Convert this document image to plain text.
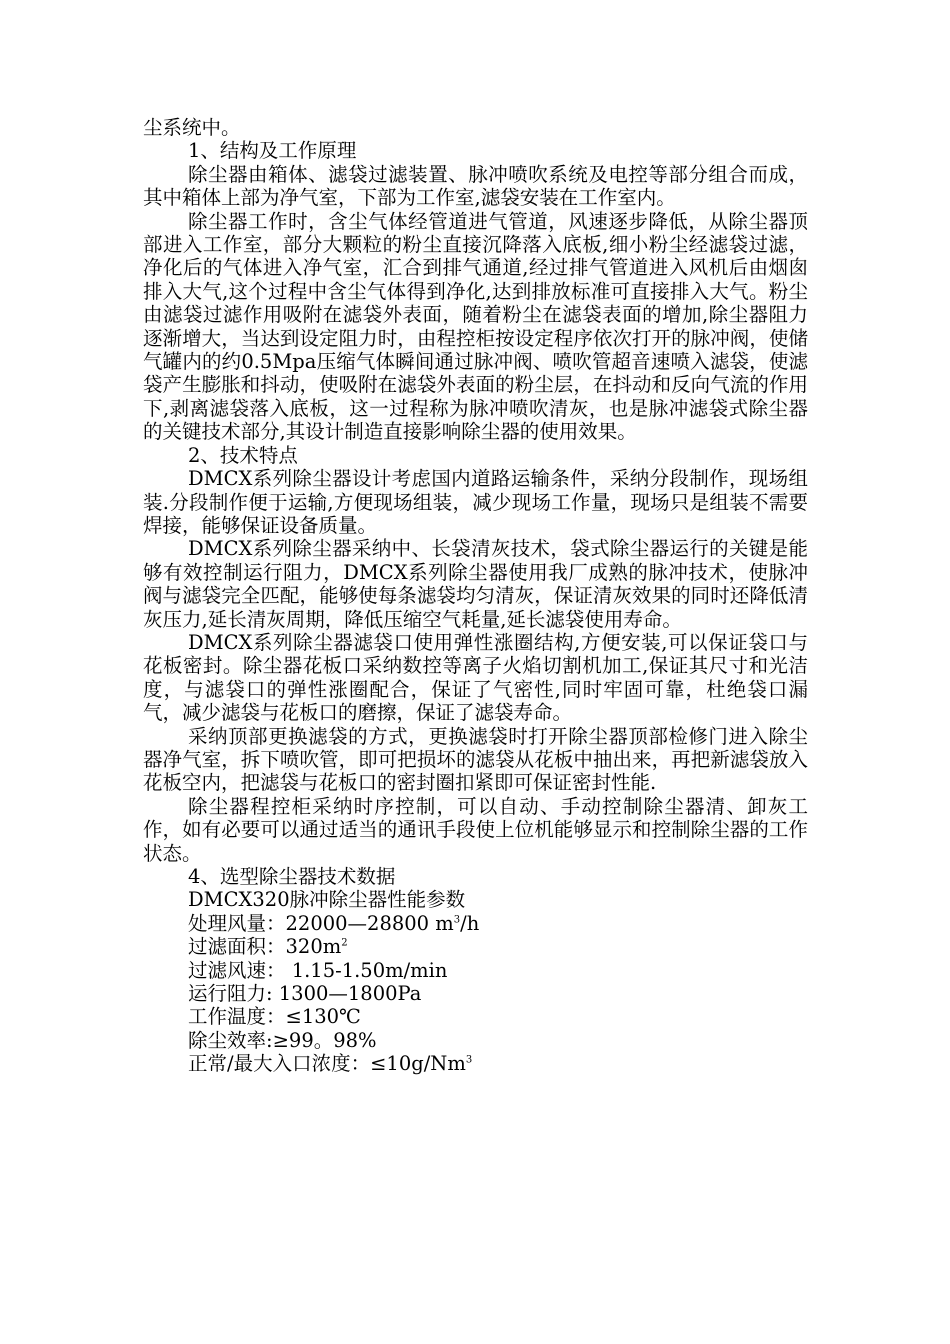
尘系统中。

1、结构及工作原理

除尘器由箱体、滤袋过滤装置、脉冲喷吹系统及电控等部分组合而成，其中箱体上部为净气室，下部为工作室,滤袋安装在工作室内。

除尘器工作时，含尘气体经管道进气管道，风速逐步降低，从除尘器顶部进入工作室，部分大颗粒的粉尘直接沉降落入底板,细小粉尘经滤袋过滤，净化后的气体进入净气室，汇合到排气通道,经过排气管道进入风机后由烟囱排入大气,这个过程中含尘气体得到净化,达到排放标准可直接排入大气。粉尘由滤袋过滤作用吸附在滤袋外表面，随着粉尘在滤袋表面的增加,除尘器阻力逐渐增大，当达到设定阻力时，由程控柜按设定程序依次打开的脉冲阀，使储气罐内的约0.5Mpa压缩气体瞬间通过脉冲阀、喷吹管超音速喷入滤袋，使滤袋产生膨胀和抖动，使吸附在滤袋外表面的粉尘层，在抖动和反向气流的作用下,剥离滤袋落入底板，这一过程称为脉冲喷吹清灰，也是脉冲滤袋式除尘器的关键技术部分,其设计制造直接影响除尘器的使用效果。

2、技术特点

DMCX系列除尘器设计考虑国内道路运输条件，采纳分段制作，现场组装.分段制作便于运输,方便现场组装，减少现场工作量，现场只是组装不需要焊接，能够保证设备质量。

DMCX系列除尘器采纳中、长袋清灰技术，袋式除尘器运行的关键是能够有效控制运行阻力，DMCX系列除尘器使用我厂成熟的脉冲技术，使脉冲阀与滤袋完全匹配，能够使每条滤袋均匀清灰，保证清灰效果的同时还降低清灰压力,延长清灰周期，降低压缩空气耗量,延长滤袋使用寿命。

DMCX系列除尘器滤袋口使用弹性涨圈结构,方便安装,可以保证袋口与花板密封。除尘器花板口采纳数控等离子火焰切割机加工,保证其尺寸和光洁度，与滤袋口的弹性涨圈配合，保证了气密性,同时牢固可靠，杜绝袋口漏气，减少滤袋与花板口的磨擦，保证了滤袋寿命。

采纳顶部更换滤袋的方式，更换滤袋时打开除尘器顶部检修门进入除尘器净气室，拆下喷吹管，即可把损坏的滤袋从花板中抽出来，再把新滤袋放入花板空内，把滤袋与花板口的密封圈扣紧即可保证密封性能.

除尘器程控柜采纳时序控制，可以自动、手动控制除尘器清、卸灰工作，如有必要可以通过适当的通讯手段使上位机能够显示和控制除尘器的工作状态。

4、选型除尘器技术数据

DMCX320脉冲除尘器性能参数

处理风量：22000—28800 $m^3/h$

过滤面积：$320m^2$

过滤风速： 1.15-1.50m/min

运行阻力: 1300—1800Pa

工作温度：≤130℃

除尘效率:≥99。98%

正常/最大入口浓度：$\le 10g/Nm^3$
